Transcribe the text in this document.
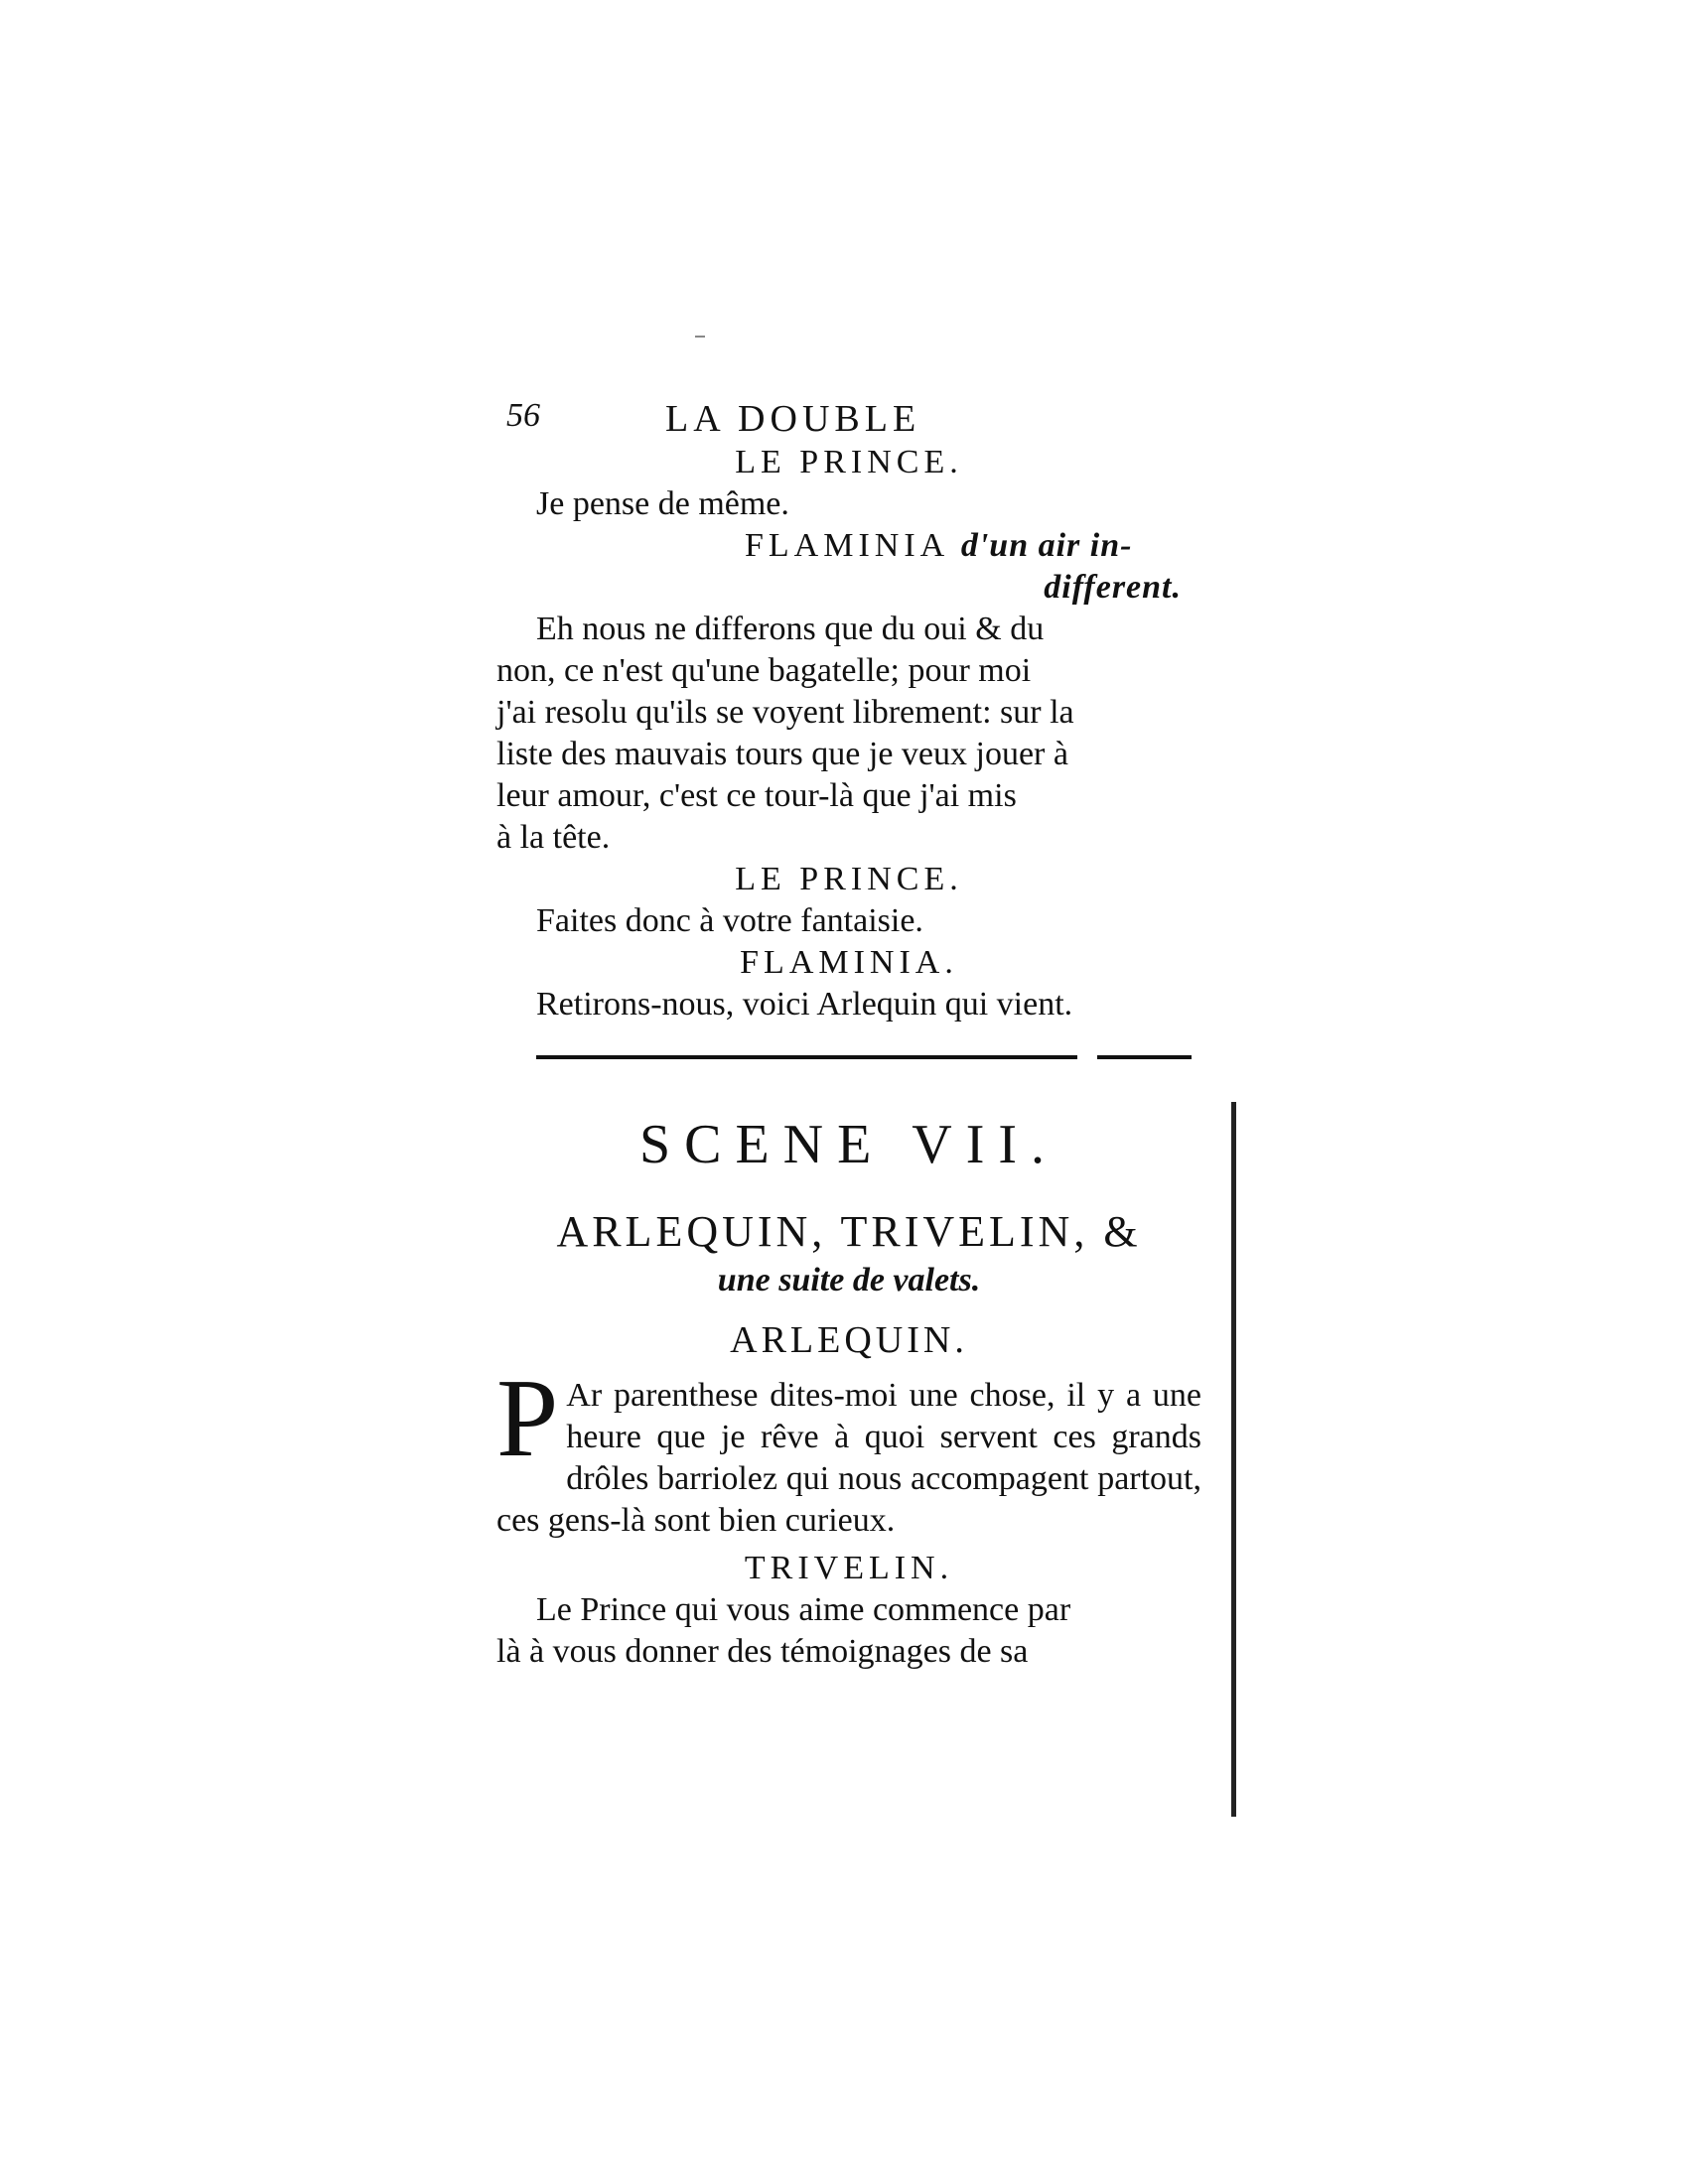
56	LA DOUBLE
LE PRINCE.
Je pense de même.
FLAMINIA d'un air in-
different.
Eh nous ne differons que du oui & du
non, ce n'est qu'une bagatelle; pour moi
j'ai resolu qu'ils se voyent librement: sur la
liste des mauvais tours que je veux jouer à
leur amour, c'est ce tour-là que j'ai mis
à la tête.
LE PRINCE.
Faites donc à votre fantaisie.
FLAMINIA.
Retirons-nous, voici Arlequin qui vient.
SCENE VII.
ARLEQUIN, TRIVELIN, &
une suite de valets.
ARLEQUIN.
P Ar parenthese dites-moi une chose, il y a une heure que je rêve à quoi servent ces grands drôles barriolez qui nous accompagent partout, ces gens-là sont bien curieux.
TRIVELIN.
Le Prince qui vous aime commence par
là à vous donner des témoignages de sa
